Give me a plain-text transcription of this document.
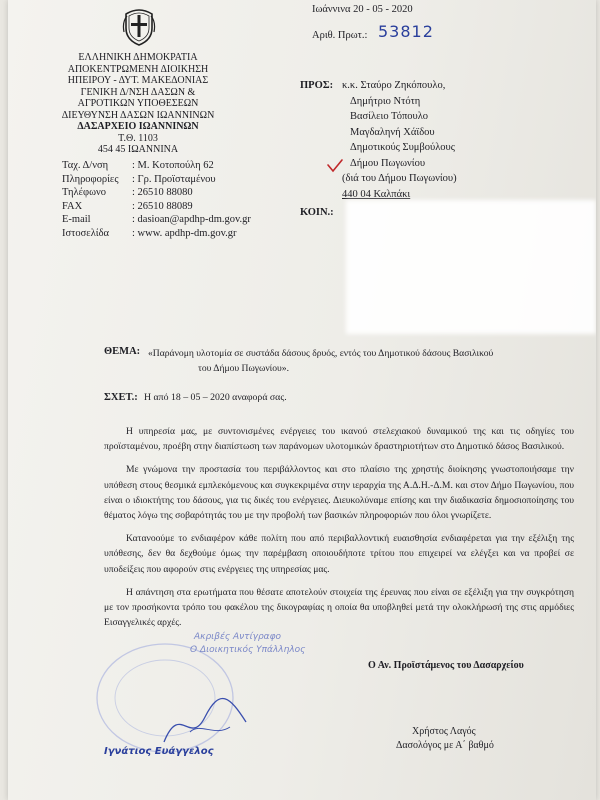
Ιωάννινα 20 - 05 - 2020
Αριθ. Πρωτ.: 53812
ΕΛΛΗΝΙΚΗ ΔΗΜΟΚΡΑΤΙΑ
ΑΠΟΚΕΝΤΡΩΜΕΝΗ ΔΙΟΙΚΗΣΗ
ΗΠΕΙΡΟΥ - ΔΥΤ. ΜΑΚΕΔΟΝΙΑΣ
ΓΕΝΙΚΗ Δ/ΝΣΗ ΔΑΣΩΝ &
ΑΓΡΟΤΙΚΩΝ ΥΠΟΘΕΣΕΩΝ
ΔΙΕΥΘΥΝΣΗ ΔΑΣΩΝ ΙΩΑΝΝΙΝΩΝ
ΔΑΣΑΡΧΕΙΟ ΙΩΑΝΝΙΝΩΝ
Τ.Θ. 1103
454 45 ΙΩΑΝΝΙΝΑ
Ταχ. Δ/νση : Μ. Κοτοπούλη 62
Πληροφορίες : Γρ. Προϊσταμένου
Τηλέφωνο : 26510 88080
FAX	: 26510 88089
E-mail	: dasioan@apdhp-dm.gov.gr
Ιστοσελίδα : www. apdhp-dm.gov.gr
ΠΡΟΣ: κ.κ. Σταύρο Ζηκόπουλο,
Δημήτριο Ντότη
Βασίλειο Τόπουλο
Μαγδαληνή Χάϊδου
Δημοτικούς Συμβούλους
Δήμου Πωγωνίου
(διά του Δήμου Πωγωνίου)
440 04 Καλπάκι
ΚΟΙΝ.:
ΘΕΜΑ: «Παράνομη υλοτομία σε συστάδα δάσους δρυός, εντός του Δημοτικού δάσους Βασιλικού
του Δήμου Πωγωνίου».
ΣΧΕΤ.: Η από 18 – 05 – 2020 αναφορά σας.

Η υπηρεσία μας, με συντονισμένες ενέργειες του ικανού στελεχιακού δυναμικού της και τις οδηγίες του προϊσταμένου, προέβη στην διαπίστωση των παράνομων υλοτομικών δραστηριοτήτων στο Δημοτικό δάσος Βασιλικού.

Με γνώμονα την προστασία του περιβάλλοντος και στο πλαίσιο της χρηστής διοίκησης γνωστοποιήσαμε την υπόθεση στους θεσμικά εμπλεκόμενους και συγκεκριμένα στην ιεραρχία της Α.Δ.Η.-Δ.Μ. και στον Δήμο Πωγωνίου, που είναι ο ιδιοκτήτης του δάσους, για τις δικές του ενέργειες. Διευκολύναμε επίσης και την διαδικασία δημοσιοποίησης του θέματος λόγω της σοβαρότητάς του με την προβολή των βασικών πληροφοριών που όλοι γνωρίζετε.

Κατανοούμε το ενδιαφέρον κάθε πολίτη που από περιβαλλοντική ευαισθησία ενδιαφέρεται για την εξέλιξη της υπόθεσης, δεν θα δεχθούμε όμως την παρέμβαση οποιουδήποτε τρίτου που επιχειρεί να ελέγξει και να προβεί σε υποδείξεις που αφορούν στις ενέργειες της υπηρεσίας μας.

Η απάντηση στα ερωτήματα που θέσατε αποτελούν στοιχεία της έρευνας που είναι σε εξέλιξη για την συγκρότηση με τον προσήκοντα τρόπο του φακέλου της δικογραφίας η οποία θα υποβληθεί μετά την ολοκλήρωσή της στις αρμόδιες Εισαγγελικές αρχές.

Ακριβές Αντίγραφο
Ο Διοικητικός Υπάλληλος
Ιγνάτιος Ευάγγελος
Ο Αν. Προϊστάμενος του Δασαρχείου
Χρήστος Λαγός
Δασολόγος με Α΄ βαθμό
